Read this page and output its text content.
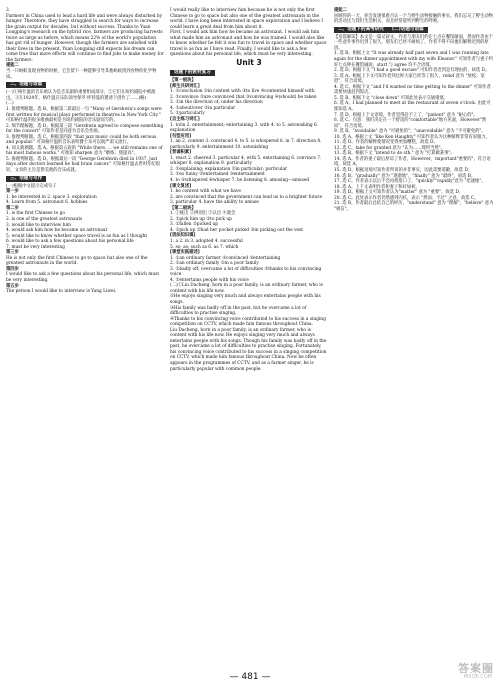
3.

Farmers in China used to lead a hard life and were always disturbed by hunger. Therefore, they have struggled to search for ways to increase the grain output for decades, but without success. Thanks to Yuan Longping's research on the hybrid rice, farmers are producing harvests twice as large as before, which means 22% of the world's population has got rid of hunger. However, though the farmers are satisfied with their lives in the present, Yuan Longping still expects his dream can come true that more efforts will continue to find jobs to make money for the farmers.

提能二

当一只蚂蚁发现食物的时候，它会留下一种能够引导其他蚂蚁找到食物的化学物质。

二、话题与语篇

(一)①格什温的音乐被认为是音乐剧的重要组成部分，②它们在纽约剧院中被演出。③在1924年，格什温在乐队领导保罗·怀特曼的邀请下创作了……(略)

(二)

1. 推理判断题。选 B。根据第二段最后一句 "Many of Gershwin's songs were first written for musical plays performed in theatres in New York City." 可知格什温的很多歌曲最初是为纽约剧院的音乐剧而写的。

2. 细节理解题。选 D。根据第三段 "Gershwin agreed to compose something for the concert" 可知作者是同意为音乐会作曲。

3. 推理判断题。选 C。根据第四段 "that jazz music could be both serious and popular." 可知格什温的音乐表明爵士乐可以既严肃又流行。

4. 词义猜测题。选 A。根据第五段的 "While there, ... we still remains one of his most famous works." 可推知 sharpen 意为 "磨炼；使提高"。

5. 推理判断题。选 D。根据最后一段 "George Gershwin died in 1937, just days after doctors learned he had brain cancer." 可知格什温去世时年纪很轻，文章的主旨是赞美他的音乐成就。

三、话题与写作

(一)根据中文提示完成句子

第一步

1. be interested in 2. space 3. exploration

4. Learn from 5. astronaut 6. hobbies

第二步

1. is the first Chinese to go

2. is one of the greatest astronauts

3. would like to interview him

4. would ask him how he became an astronaut

5. would like to know whether space travel is as fun as I thought

6. would like to ask a few questions about his personal life

7. must be very interesting

第三步

He is not only the first Chinese to go to space but also one of the greatest astronauts in the world.

第四步

I would like to ask a few questions about his personal life, which must be very interesting.

第五步

The person I would like to interview is Yang Liwei.

I would really like to interview him because he is not only the first Chinese to go to space but also one of the greatest astronauts in the world. I have long been interested in space exploration and I believe I could learn a great deal from him about it.

First, I would ask him how he became an astronaut. I would ask him what made him an astronaut and how he was trained. I would also like to know whether he felt it was fun to travel in space and whether space travel is as fun as I have read. Finally, I would like to ask a few questions about his personal life, which must be very interesting.

Unit 3

话题下的教材复习

【第一板块】

[师生共研词汇]

1. ①conclusion ②in content with ③to live ④contented himself with

2. ①convince ②are convinced that ③convincing ④(should) be taken

3. ①in the direction of; under his direction

4. ①about/over ②in particular

5. ①particularly

[自主练习词汇]

1. to/in 2. entertainment; entertaining 3. with 4. to 5. astonishing 6. explanation

[句型应用]

1. an 2. content 3. convinced 4. to 5. is whispered 6. in 7. direction 8. particularly 9. entertainment 10. astonishing

[背诵积累]

1. react 2. cheered 3. particular 4. with 5. entertaining 6. convince 7. whisper 8. explanation 9. particularly

2. ①explaining; explanation ②in particular; particular

3. ①so funny ②entertained ③entertainment

4. to ⑤whispered ⑥whisper 7. be listening 8. amusing—amused

[课文复述]

1. be content with what we have

2. are convinced that the government can lead us to a brighter future

3. particular 4. have the ability to amuse

【第二板块】

1. ①挑出 ②辨别出 ③认出 ④就会

2. ①pick him up ②to pick up

3. ①fallen ②picked up

4. ①pick up ②had her pocket picked ③in picking out the vest

[语法知识填]

1. a 2. in 3. adopted 4. successful

5. so; as; such as 6. as 7. which

[课堂实践描述]

1. ①an ordinary farmer ②convinced ③entertaining

2. ①an ordinary family ②in a poor family

3. ①badly off; overcame a lot of difficulties ②thanks to his convincing voice

4. ①entertains people with his voice

(二)①Liu Dacheng, born in a poor family, is an ordinary farmer, who is content with his life now.

②He enjoys singing very much and always entertains people with his songs.

③His family was badly off in the past, but he overcame a lot of difficulties to practise singing.

④Thanks to his convincing voice contributed to his success in a singing competition on CCTV, which made him famous throughout China.

Liu Dacheng, born in a poor family, is an ordinary farmer, who is content with his life now. He enjoys singing very much and always entertains people with his songs. Though his family was badly off in the past, he overcame a lot of difficulties to practise singing. Fortunately, his convincing voice contributed to his success in a singing competition on CCTV, which made him famous throughout China. Now he often appears in the programmes of CCTV, and as a farmer singer, he is particularly popular with common people.

提能二

回顾你的一天，你会发现很难否认一个与野生动物接触的事实。我们忘记了野生动物的活动还与我们生活相关，而且经常能听到野生的呼唤。

二、话题下的高考研究 (二)话题与语篇

【语篇解读】本文是一篇记叙文。作者与朋友们约定七点在餐馆碰面，然而作者由于一些意外事件迟到了很久，朋友们已经不耐烦了，作者不得不向他们解释迟到的原因。

1. 选 B。根据上文 "It was already half past seven and I was running late again for the dinner appointment with my wife Eleanor." 可知作者与妻子约好七点钟在餐馆碰面，start 与 agree 均不合语境。

2. 选 D。根据下文 "I had a good excuse" 可知作者迟到是有理由的，故选 D。

3. 选 A。根据上下文可知作者到达时大家已经等了很久，relief 意为 "放松；宽慰"，符合语境。

4. 选 C。根据下文 "and I'd wanted no time getting to the dinner" 可知作者需要快速赶到饭店。

5. 选 B。根据下文 "close down" 可知此处表示交通堵塞。

6. 选 A。I had planned to meet at the restaurant at seven o'clock. 由此可推知选 A。

7. 选 D。根据上下文语境，作者觉得赶不上了，"patient" 意为 "耐心的"。

8. 选 C。句意：我们决定在一个舒适的"comfortable"地方见面，However"然而"，符合语境。

9. 选 B。"avoidable" 意为 "可避免的"；"unavoidable" 意为 "不可避免的"。

10. 选 A。根据上文 "like Ken Haughty" 可知作者认为这种解释非常有说服力。

11. 选 D。作者的解释使情况变得更加糟糕，故选 D。

12. 选 C。take for granted 意为 "认为……理所当然"。

13. 选 B。根据下文 "intend to do sth." 意为 "打算做某事"。

14. 选 A。作者的妻子最后原谅了作者，However，important"重要的"，符合语境，故选 A。

15. 选 D。根据语境可知作者所说的并非事实，因此需要道歉，故选 D。

16. 选 B。"gradually" 意为 "逐渐地"，"finally" 意为 "最终"，故选 B。

17. 选 C。作者表示以后不会再找借口了，"quickly""rapidly"意为 "迅速地"。

18. 选 A。上下文表明作者和妻子和好如初。

19. 选 D。根据上文可知作者认为"matter" 意为 "重要"，故选 D。

20. 选 C。此处表示作者仍然感到内疚，表示 "然而；不过" 之意，故选 C。

21. 选 B。作者最后总结自己的经历，"understand" 意为 "理解"，"believe" 意为 "相信"。

— 481 —
答案圈
MXQE.COM
